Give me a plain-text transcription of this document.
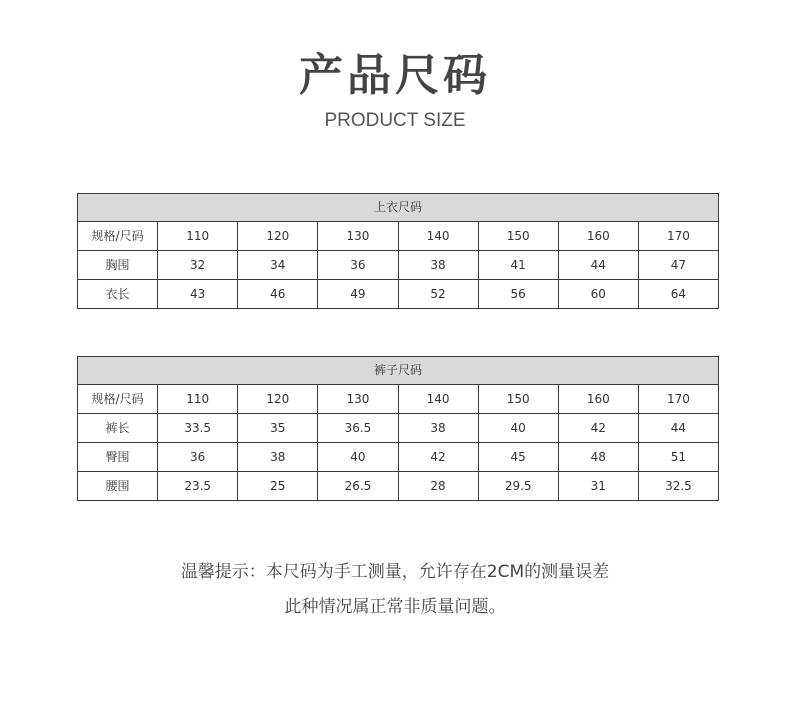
产品尺码
PRODUCT SIZE
上衣尺码							
规格/尺码	110	120	130	140	150	160	170
胸围	32	34	36	38	41	44	47
衣长	43	46	49	52	56	60	64
裤子尺码							
规格/尺码	110	120	130	140	150	160	170
裤长	33.5	35	36.5	38	40	42	44
臀围	36	38	40	42	45	48	51
腰围	23.5	25	26.5	28	29.5	31	32.5
温馨提示：本尺码为手工测量，允许存在2CM的测量误差
此种情况属正常非质量问题。
